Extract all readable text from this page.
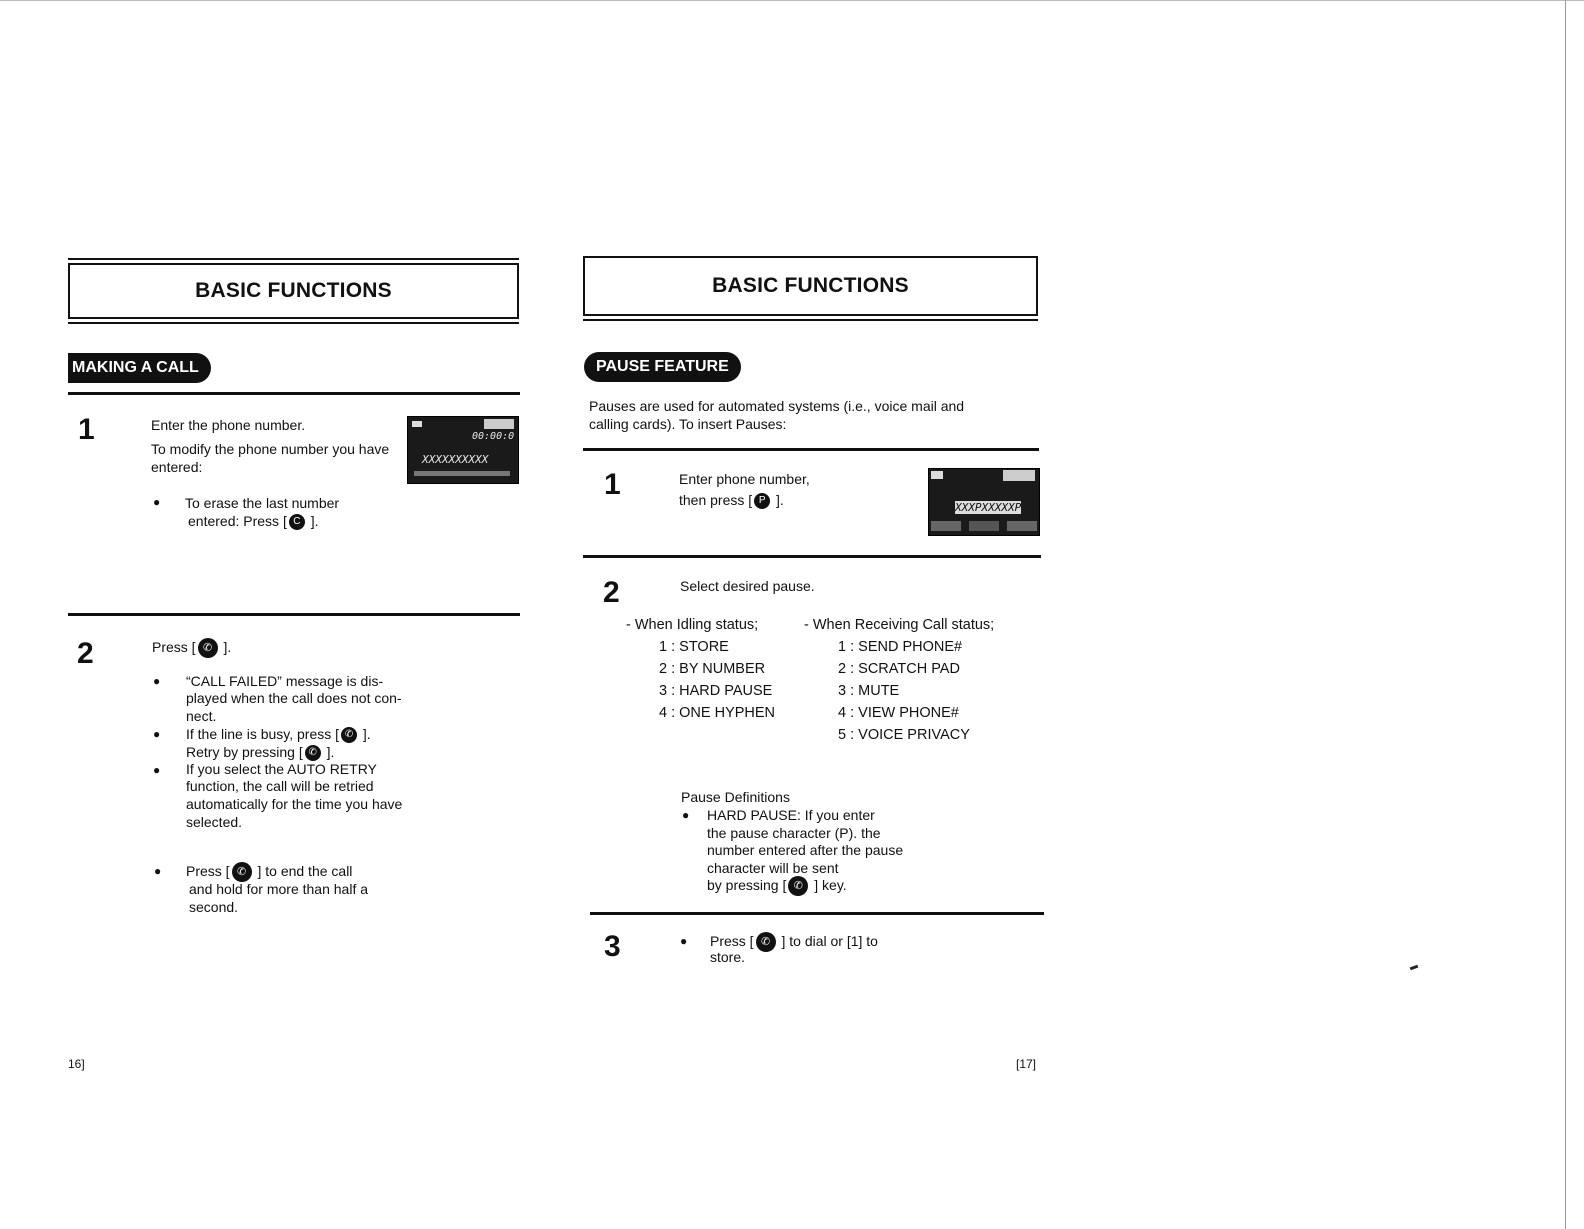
BASIC FUNCTIONS
MAKING A CALL
1	Enter the phone number.
To modify the phone number you have
entered:
00:00:0
XXXXXXXXXX
● To erase the last number
entered: Press [ C ].
2	Press [ ✆ ].
● “CALL FAILED” message is dis-
played when the call does not con-
nect.
● If the line is busy, press [ ✆ ].
Retry by pressing [ ✆ ].
● If you select the AUTO RETRY
function, the call will be retried
automatically for the time you have
selected.
● Press [ ✆ ] to end the call
and hold for more than half a
second.
16]
BASIC FUNCTIONS
PAUSE FEATURE
Pauses are used for automated systems (i.e., voice mail and
calling cards). To insert Pauses:
1	Enter phone number,
then press [ P ].	XXXPXXXXXP
2	Select desired pause.
- When Idling status;
1 : STORE
2 : BY NUMBER
3 : HARD PAUSE
4 : ONE HYPHEN
- When Receiving Call status;
1 : SEND PHONE#
2 : SCRATCH PAD
3 : MUTE
4 : VIEW PHONE#
5 : VOICE PRIVACY
Pause Definitions
● HARD PAUSE: If you enter
the pause character (P). the
number entered after the pause
character will be sent
by pressing [ ✆ ] key.
3	● Press [ ✆ ] to dial or [1] to
store.
[17]
